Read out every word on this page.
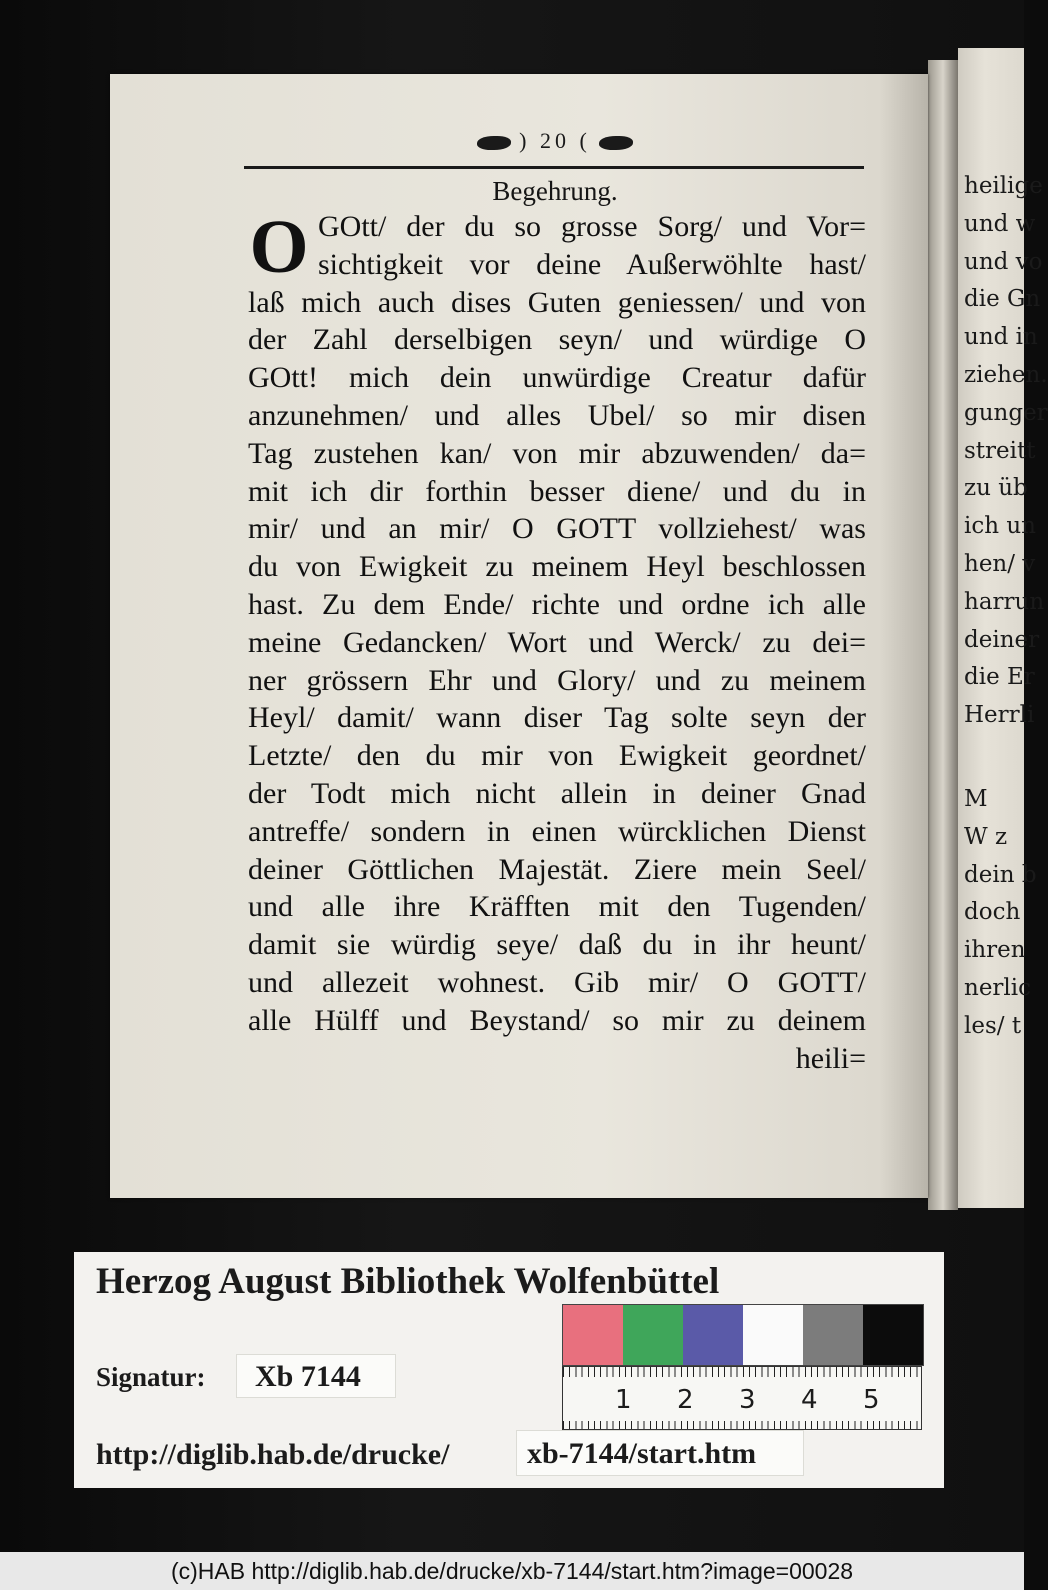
heilige
und w
und vo
die Gn
und in
ziehen.
gunger
streitt
zu üb
ich un
hen/ v
harrun
deiner
die Er
Herrli
M
W z
dein b
doch
ihren
nerlic
les/ t
) 20 (
Begehrung.
O GOtt/ der du so grosse Sorg/ und Vor=
sichtigkeit vor deine Außerwöhlte hast/
laß mich auch dises Guten geniessen/ und von
der Zahl derselbigen seyn/ und würdige O
GOtt! mich dein unwürdige Creatur dafür
anzunehmen/ und alles Ubel/ so mir disen
Tag zustehen kan/ von mir abzuwenden/ da=
mit ich dir forthin besser diene/ und du in
mir/ und an mir/ O GOTT vollziehest/ was
du von Ewigkeit zu meinem Heyl beschlossen
hast. Zu dem Ende/ richte und ordne ich alle
meine Gedancken/ Wort und Werck/ zu dei=
ner grössern Ehr und Glory/ und zu meinem
Heyl/ damit/ wann diser Tag solte seyn der
Letzte/ den du mir von Ewigkeit geordnet/
der Todt mich nicht allein in deiner Gnad
antreffe/ sondern in einen würcklichen Dienst
deiner Göttlichen Majestät. Ziere mein Seel/
und alle ihre Kräfften mit den Tugenden/
damit sie würdig seye/ daß du in ihr heunt/
und allezeit wohnest. Gib mir/ O GOTT/
alle Hülff und Beystand/ so mir zu deinem
heili=
Herzog August Bibliothek Wolfenbüttel
1 2 3 4 5
Signatur:	Xb 7144
http://diglib.hab.de/drucke/	xb-7144/start.htm
(c)HAB http://diglib.hab.de/drucke/xb-7144/start.htm?image=00028
